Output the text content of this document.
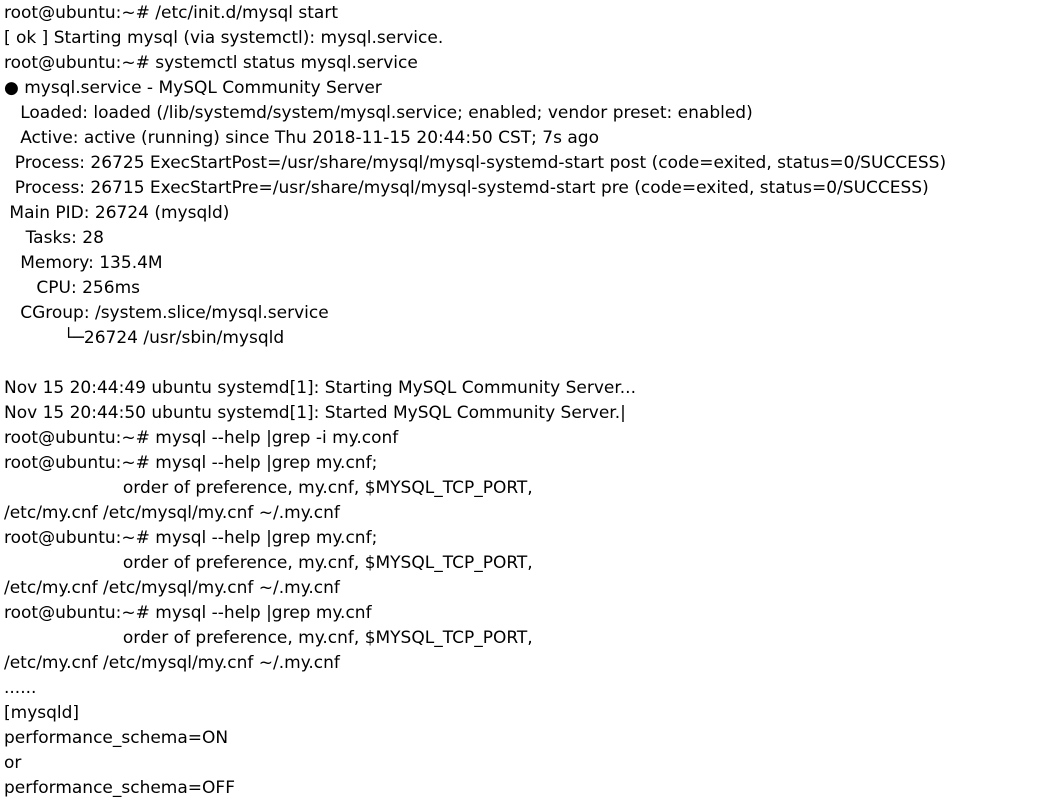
root@ubuntu:~# /etc/init.d/mysql start
[ ok ] Starting mysql (via systemctl): mysql.service.
root@ubuntu:~# systemctl status mysql.service
● mysql.service - MySQL Community Server
Loaded: loaded (/lib/systemd/system/mysql.service; enabled; vendor preset: enabled)
Active: active (running) since Thu 2018-11-15 20:44:50 CST; 7s ago
Process: 26725 ExecStartPost=/usr/share/mysql/mysql-systemd-start post (code=exited, status=0/SUCCESS)
Process: 26715 ExecStartPre=/usr/share/mysql/mysql-systemd-start pre (code=exited, status=0/SUCCESS)
Main PID: 26724 (mysqld)
Tasks: 28
Memory: 135.4M
CPU: 256ms
CGroup: /system.slice/mysql.service
└─26724 /usr/sbin/mysqld
Nov 15 20:44:49 ubuntu systemd[1]: Starting MySQL Community Server...
Nov 15 20:44:50 ubuntu systemd[1]: Started MySQL Community Server.|
root@ubuntu:~# mysql --help |grep -i my.conf
root@ubuntu:~# mysql --help |grep my.cnf;
order of preference, my.cnf, $MYSQL_TCP_PORT,
/etc/my.cnf /etc/mysql/my.cnf ~/.my.cnf
root@ubuntu:~# mysql --help |grep my.cnf;
order of preference, my.cnf, $MYSQL_TCP_PORT,
/etc/my.cnf /etc/mysql/my.cnf ~/.my.cnf
root@ubuntu:~# mysql --help |grep my.cnf
order of preference, my.cnf, $MYSQL_TCP_PORT,
/etc/my.cnf /etc/mysql/my.cnf ~/.my.cnf
......
[mysqld]
performance_schema=ON
or
performance_schema=OFF
